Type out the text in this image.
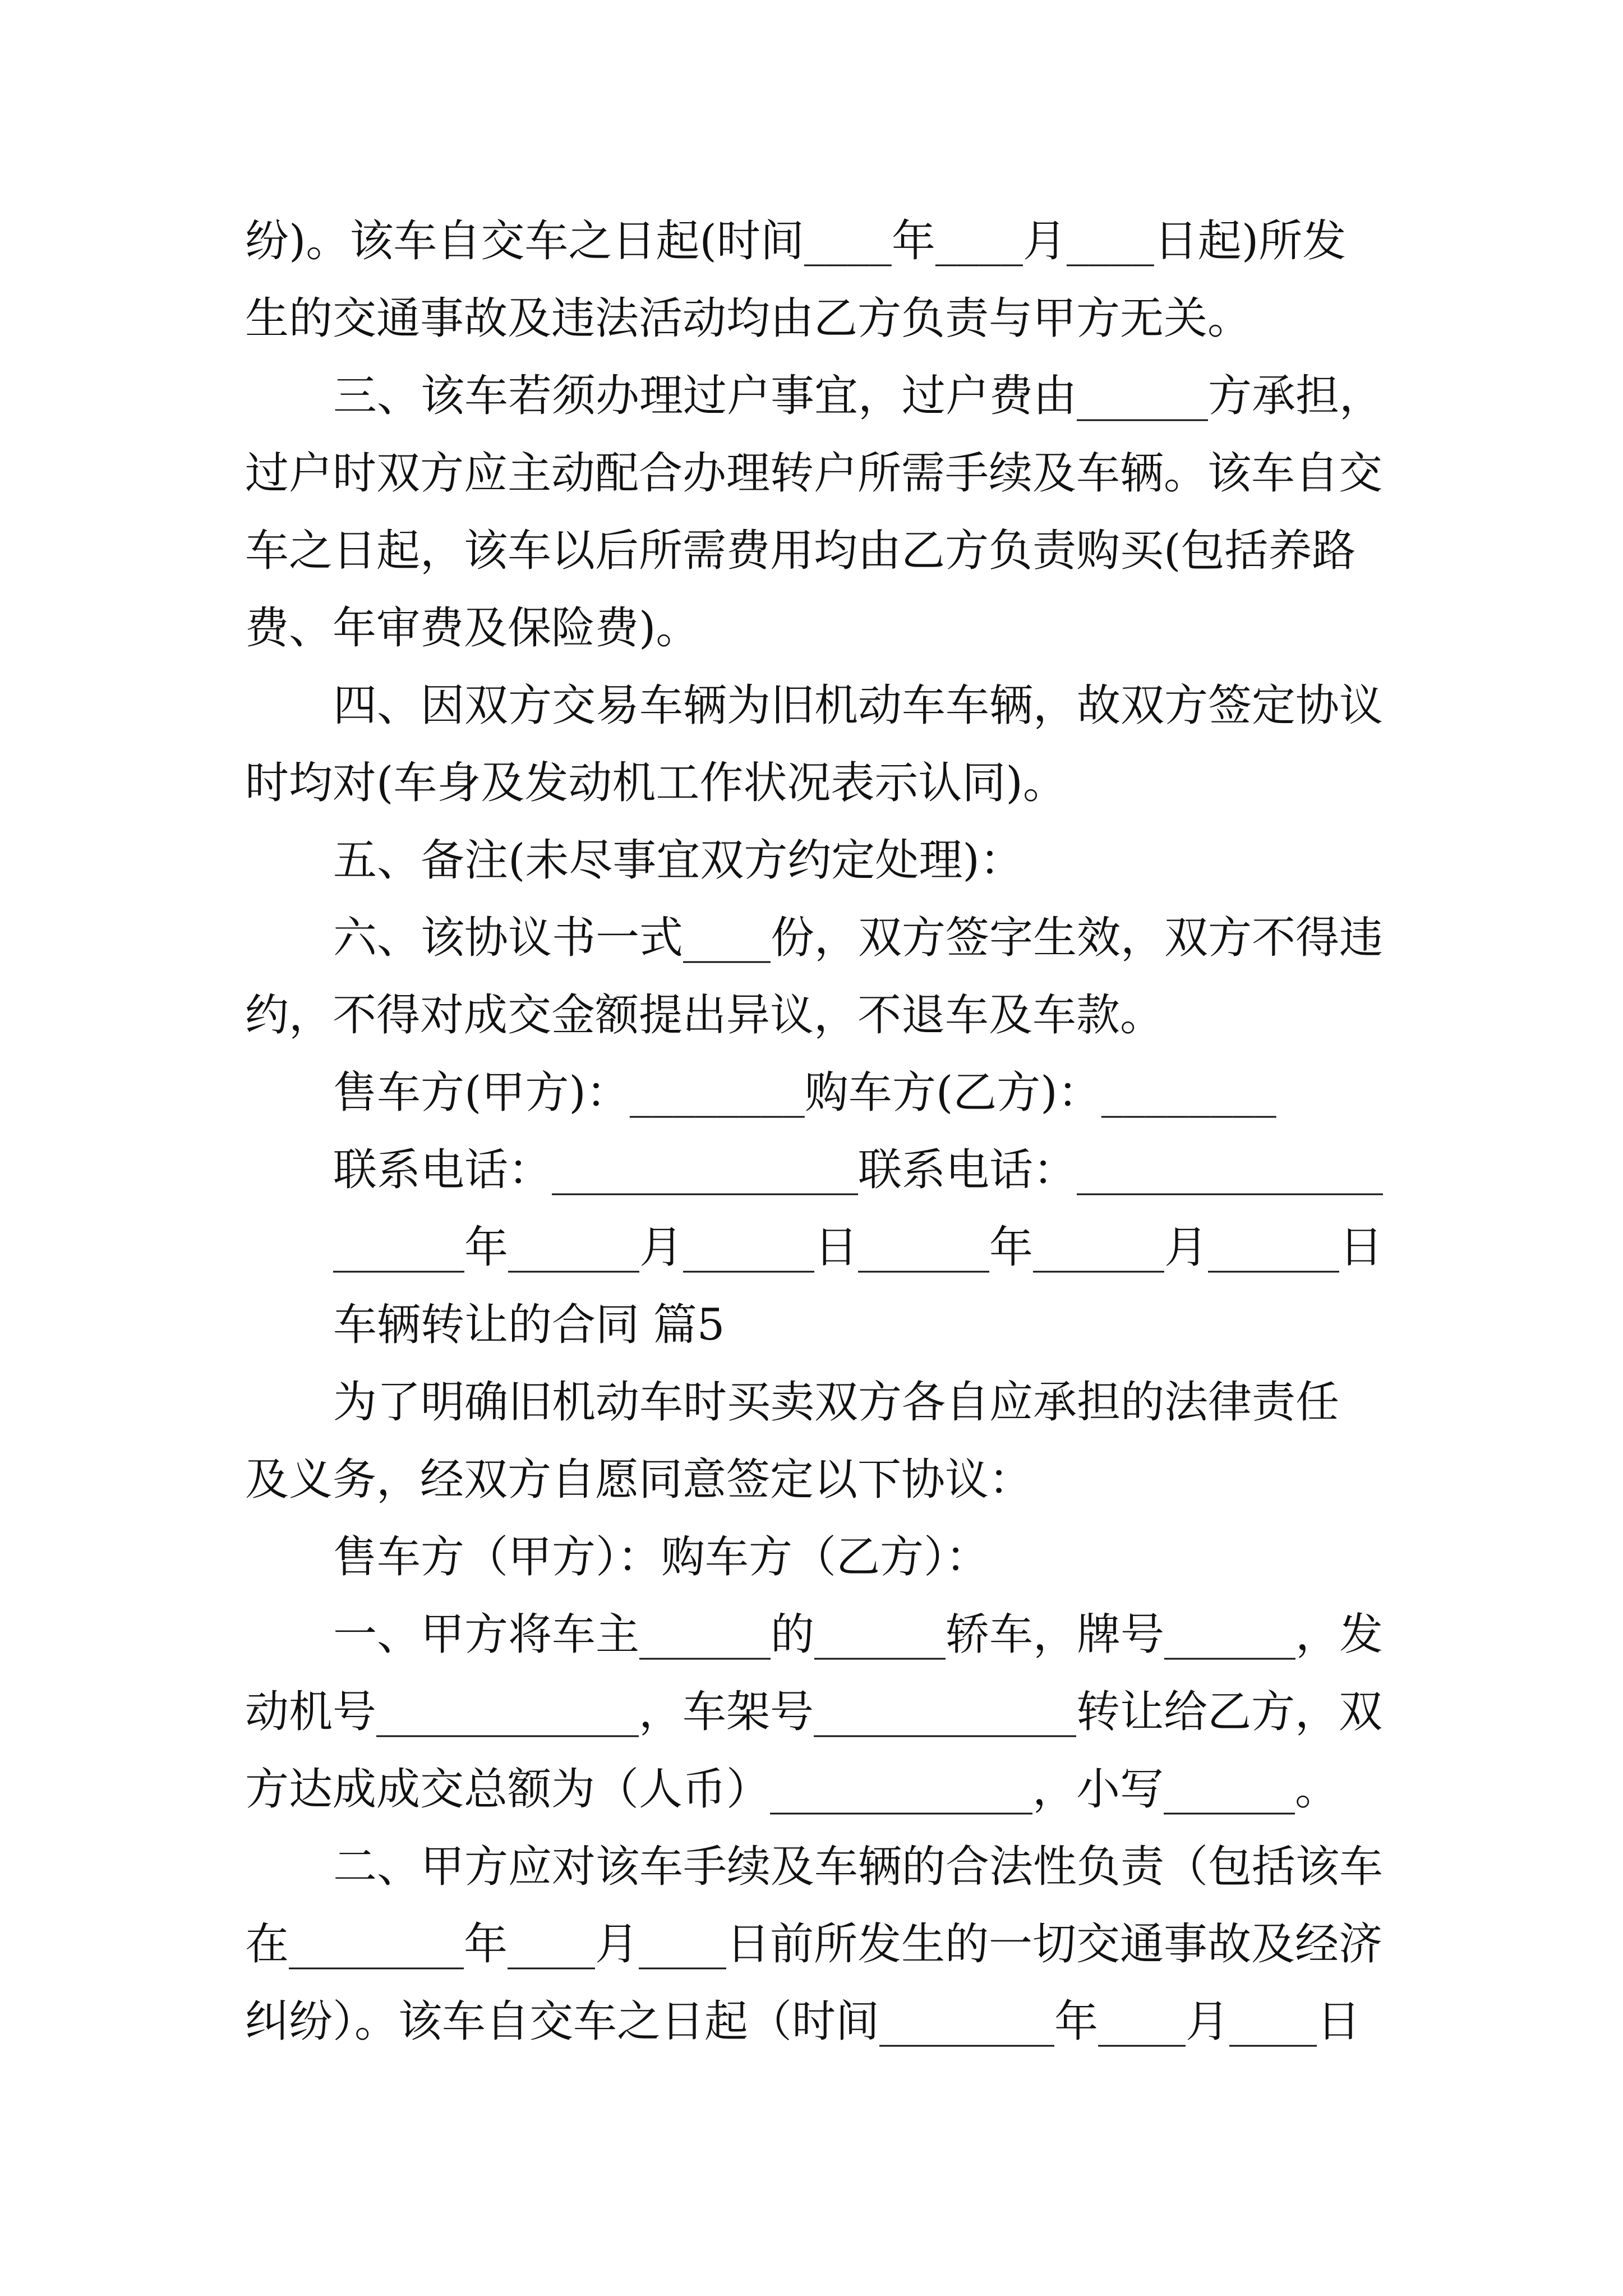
纷)。该车自交车之日起(时间____年____月____日起)所发

生的交通事故及违法活动均由乙方负责与甲方无关。

三、该车若须办理过户事宜，过户费由______方承担，

过户时双方应主动配合办理转户所需手续及车辆。该车自交

车之日起，该车以后所需费用均由乙方负责购买(包括养路

费、年审费及保险费)。

四、因双方交易车辆为旧机动车车辆，故双方签定协议

时均对(车身及发动机工作状况表示认同)。

五、备注(未尽事宜双方约定处理)：

六、该协议书一式____份，双方签字生效，双方不得违

约，不得对成交金额提出异议，不退车及车款。

售车方(甲方)：________购车方(乙方)：________

联系电话：______________联系电话：______________

______年______月______日______年______月______日

车辆转让的合同 篇5

为了明确旧机动车时买卖双方各自应承担的法律责任

及义务，经双方自愿同意签定以下协议：

售车方（甲方）：购车方（乙方）：

一、甲方将车主______的______轿车，牌号______，发

动机号____________，车架号____________转让给乙方，双

方达成成交总额为（人币）____________，小写______。

二、甲方应对该车手续及车辆的合法性负责（包括该车

在________年____月____日前所发生的一切交通事故及经济

纠纷）。该车自交车之日起（时间________年____月____日
